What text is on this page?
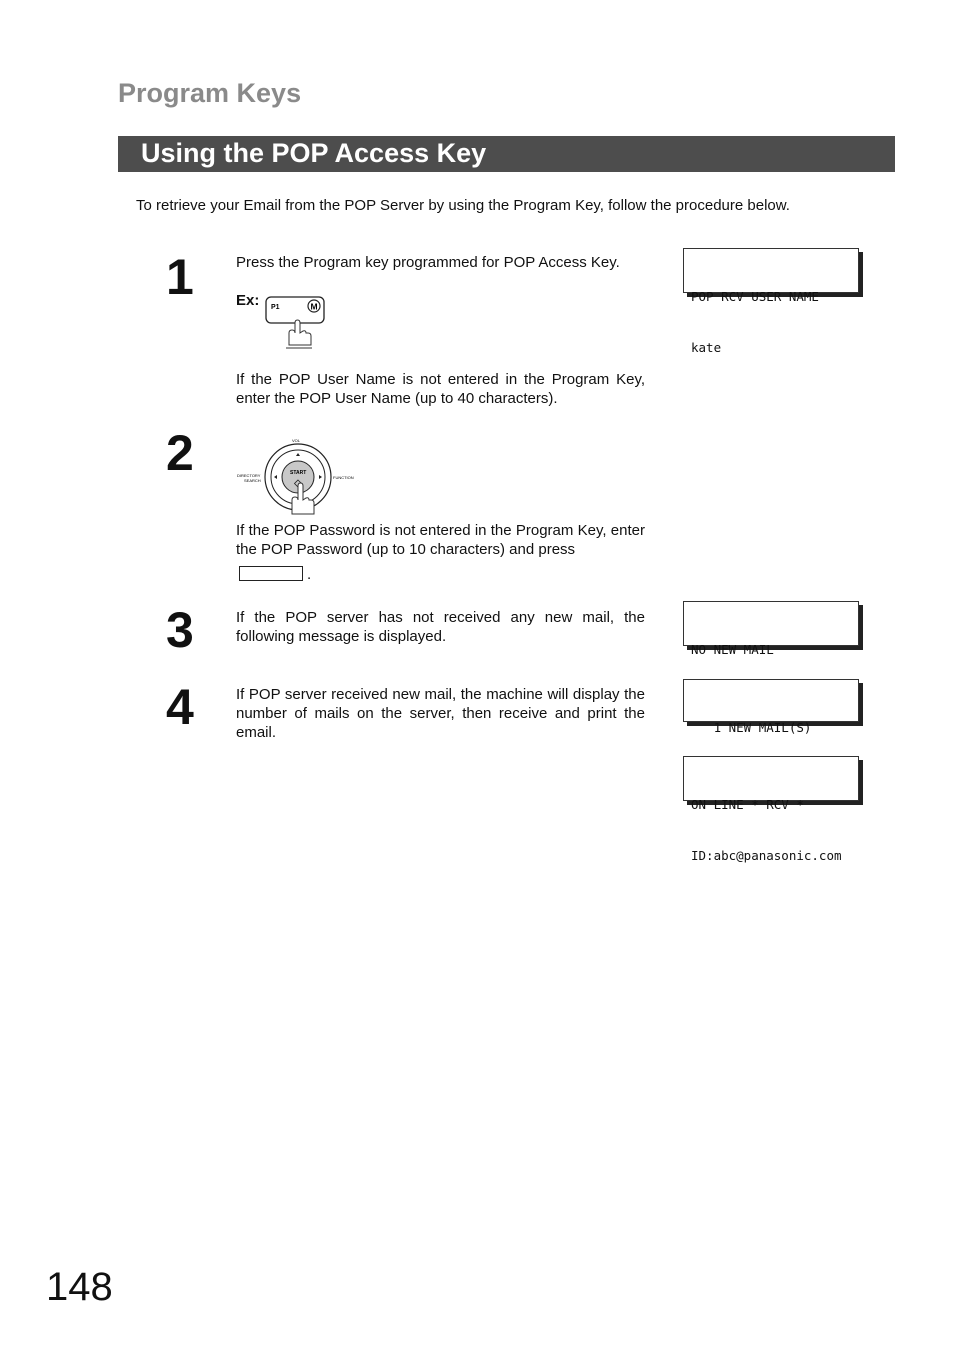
Program Keys
Using the POP Access Key
To retrieve your Email from the POP Server by using the Program Key, follow the procedure below.
1	Press the Program key programmed for POP Access Key.
Ex: P1	M
If the POP User Name is not entered in the Program Key, enter the POP User Name (up to 40 characters).

POP RCV USER NAME

kate

2	VOL
DIRECTORY
SEARCH
FUNCTION
START
If the POP Password is not entered in the Program Key, enter the POP Password (up to 10 characters) and press
.
3	If the POP server has not received any new mail, the following message is displayed.

NO NEW MAIL

4	If POP server received new mail, the machine will display the number of mails on the server, then receive and print the email.

	1 NEW MAIL(S)

ON LINE * RCV *

ID:abc@panasonic.com

148
